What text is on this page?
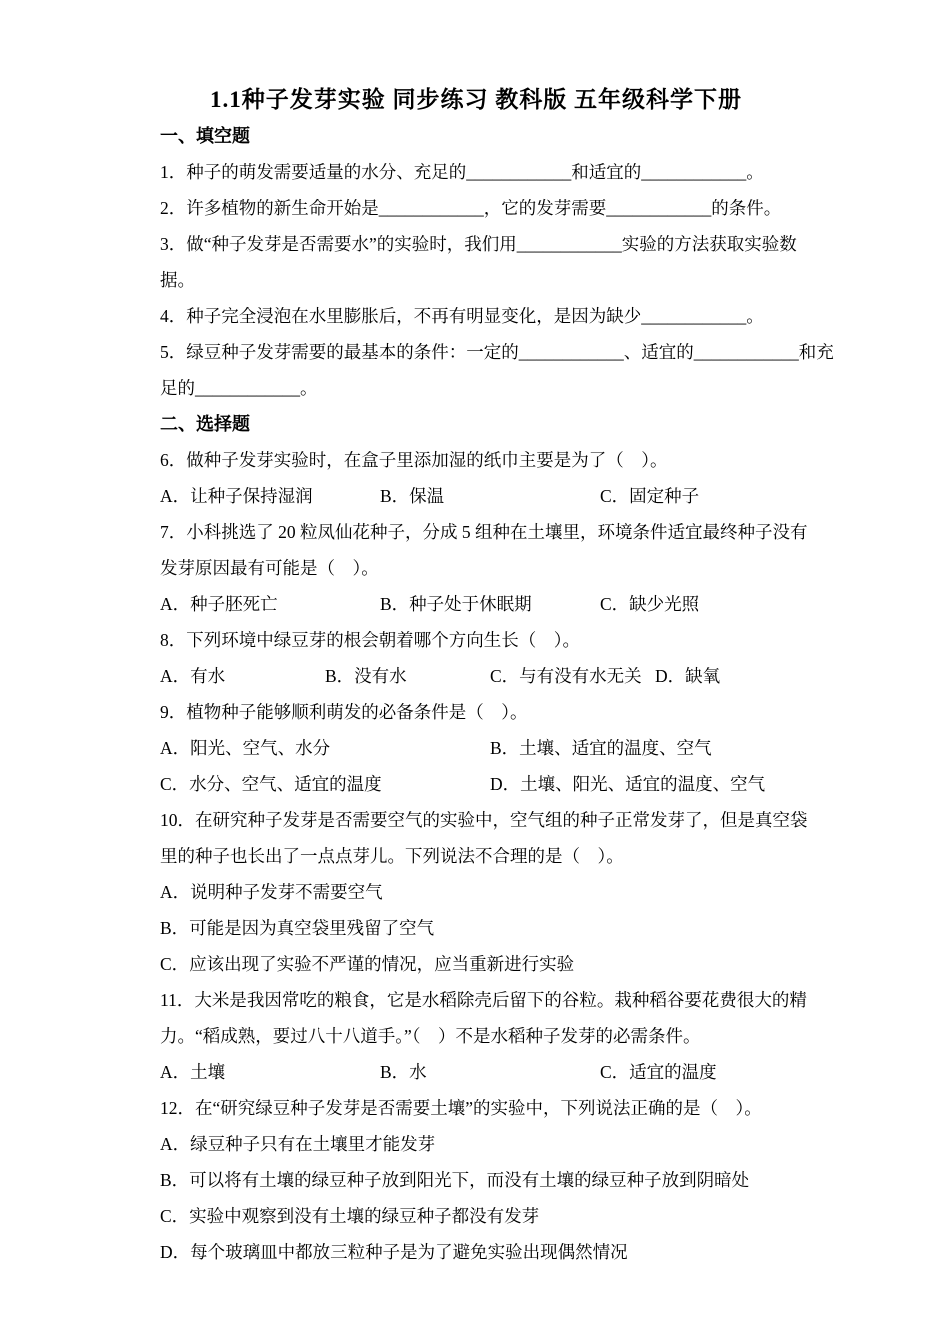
1.1种子发芽实验 同步练习 教科版 五年级科学下册
一、填空题
1．种子的萌发需要适量的水分、充足的____________和适宜的____________。
2．许多植物的新生命开始是____________，它的发芽需要____________的条件。
3．做“种子发芽是否需要水”的实验时，我们用____________实验的方法获取实验数
据。
4．种子完全浸泡在水里膨胀后，不再有明显变化，是因为缺少____________。
5．绿豆种子发芽需要的最基本的条件：一定的____________、适宜的____________和充
足的____________。
二、选择题
6．做种子发芽实验时，在盒子里添加湿的纸巾主要是为了（　）。
A．让种子保持湿润	B．保温	C．固定种子
7．小科挑选了 20 粒凤仙花种子，分成 5 组种在土壤里，环境条件适宜最终种子没有
发芽原因最有可能是（　）。
A．种子胚死亡	B．种子处于休眠期	C．缺少光照
8．下列环境中绿豆芽的根会朝着哪个方向生长（　）。
A．有水	B．没有水	C．与有没有水无关 D．缺氧
9．植物种子能够顺利萌发的必备条件是（　）。
A．阳光、空气、水分	B．土壤、适宜的温度、空气
C．水分、空气、适宜的温度	D．土壤、阳光、适宜的温度、空气
10．在研究种子发芽是否需要空气的实验中，空气组的种子正常发芽了，但是真空袋
里的种子也长出了一点点芽儿。下列说法不合理的是（　）。
A．说明种子发芽不需要空气
B．可能是因为真空袋里残留了空气
C．应该出现了实验不严谨的情况，应当重新进行实验
11．大米是我因常吃的粮食，它是水稻除壳后留下的谷粒。栽种稻谷要花费很大的精
力。“稻成熟，要过八十八道手。”（　）不是水稻种子发芽的必需条件。
A．土壤	B．水	C．适宜的温度
12．在“研究绿豆种子发芽是否需要土壤”的实验中，下列说法正确的是（　）。
A．绿豆种子只有在土壤里才能发芽
B．可以将有土壤的绿豆种子放到阳光下，而没有土壤的绿豆种子放到阴暗处
C．实验中观察到没有土壤的绿豆种子都没有发芽
D．每个玻璃皿中都放三粒种子是为了避免实验出现偶然情况
